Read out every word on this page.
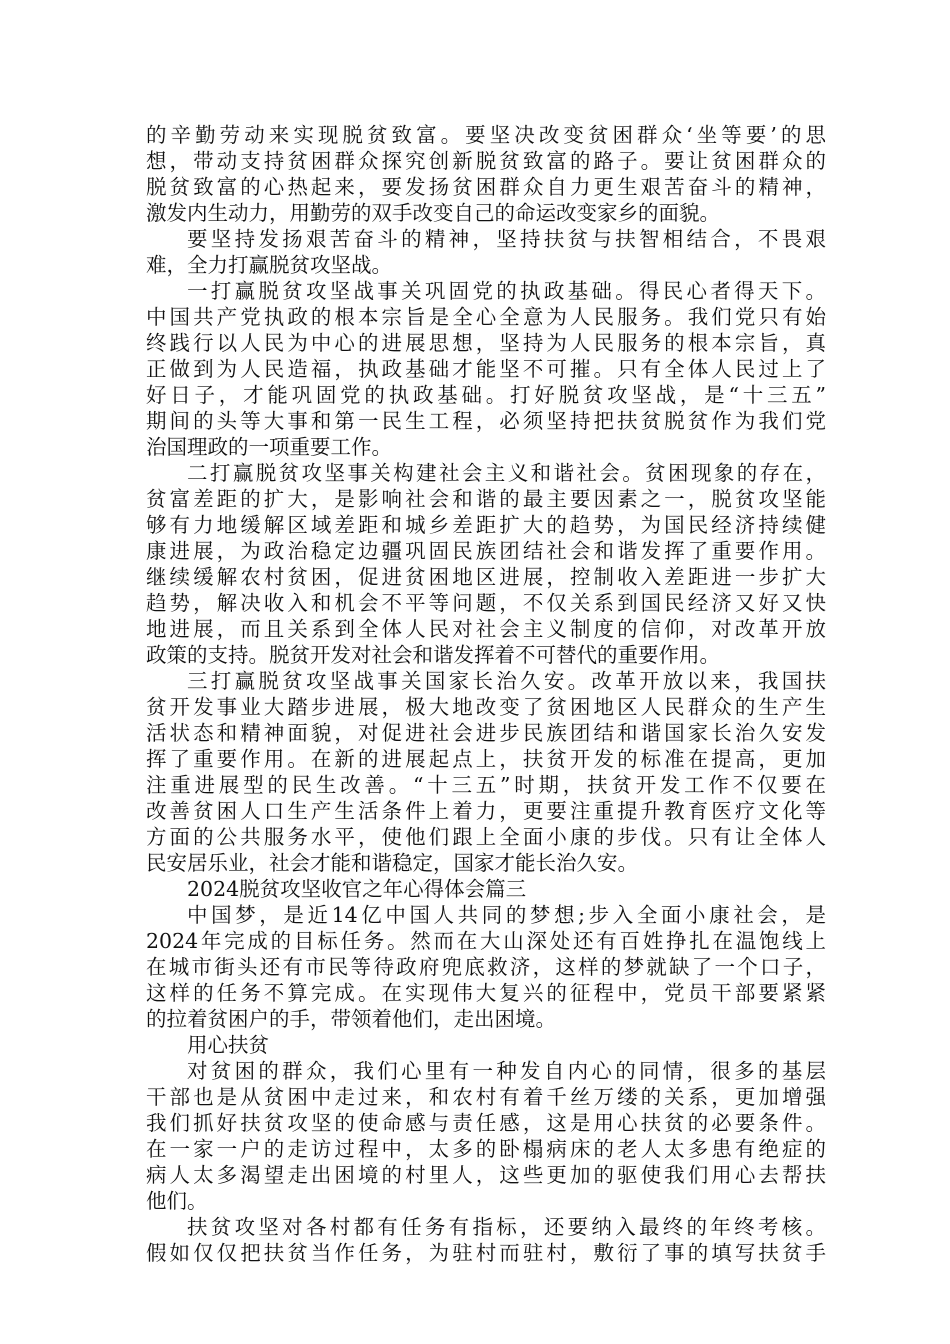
的辛勤劳动来实现脱贫致富。要坚决改变贫困群众‘坐等要’的思
想，带动支持贫困群众探究创新脱贫致富的路子。要让贫困群众的
脱贫致富的心热起来，要发扬贫困群众自力更生艰苦奋斗的精神，
激发内生动力，用勤劳的双手改变自己的命运改变家乡的面貌。
要坚持发扬艰苦奋斗的精神，坚持扶贫与扶智相结合，不畏艰
难，全力打赢脱贫攻坚战。
一打赢脱贫攻坚战事关巩固党的执政基础。得民心者得天下。
中国共产党执政的根本宗旨是全心全意为人民服务。我们党只有始
终践行以人民为中心的进展思想，坚持为人民服务的根本宗旨，真
正做到为人民造福，执政基础才能坚不可摧。只有全体人民过上了
好日子，才能巩固党的执政基础。打好脱贫攻坚战，是“十三五”
期间的头等大事和第一民生工程，必须坚持把扶贫脱贫作为我们党
治国理政的一项重要工作。
二打赢脱贫攻坚事关构建社会主义和谐社会。贫困现象的存在，
贫富差距的扩大，是影响社会和谐的最主要因素之一，脱贫攻坚能
够有力地缓解区域差距和城乡差距扩大的趋势，为国民经济持续健
康进展，为政治稳定边疆巩固民族团结社会和谐发挥了重要作用。
继续缓解农村贫困，促进贫困地区进展，控制收入差距进一步扩大
趋势，解决收入和机会不平等问题，不仅关系到国民经济又好又快
地进展，而且关系到全体人民对社会主义制度的信仰，对改革开放
政策的支持。脱贫开发对社会和谐发挥着不可替代的重要作用。
三打赢脱贫攻坚战事关国家长治久安。改革开放以来，我国扶
贫开发事业大踏步进展，极大地改变了贫困地区人民群众的生产生
活状态和精神面貌，对促进社会进步民族团结和谐国家长治久安发
挥了重要作用。在新的进展起点上，扶贫开发的标准在提高，更加
注重进展型的民生改善。“十三五”时期，扶贫开发工作不仅要在
改善贫困人口生产生活条件上着力，更要注重提升教育医疗文化等
方面的公共服务水平，使他们跟上全面小康的步伐。只有让全体人
民安居乐业，社会才能和谐稳定，国家才能长治久安。
2024脱贫攻坚收官之年心得体会篇三
中国梦，是近14亿中国人共同的梦想;步入全面小康社会，是
2024年完成的目标任务。然而在大山深处还有百姓挣扎在温饱线上
在城市街头还有市民等待政府兜底救济，这样的梦就缺了一个口子，
这样的任务不算完成。在实现伟大复兴的征程中，党员干部要紧紧
的拉着贫困户的手，带领着他们，走出困境。
用心扶贫
对贫困的群众，我们心里有一种发自内心的同情，很多的基层
干部也是从贫困中走过来，和农村有着千丝万缕的关系，更加增强
我们抓好扶贫攻坚的使命感与责任感，这是用心扶贫的必要条件。
在一家一户的走访过程中，太多的卧榻病床的老人太多患有绝症的
病人太多渴望走出困境的村里人，这些更加的驱使我们用心去帮扶
他们。
扶贫攻坚对各村都有任务有指标，还要纳入最终的年终考核。
假如仅仅把扶贫当作任务，为驻村而驻村，敷衍了事的填写扶贫手
